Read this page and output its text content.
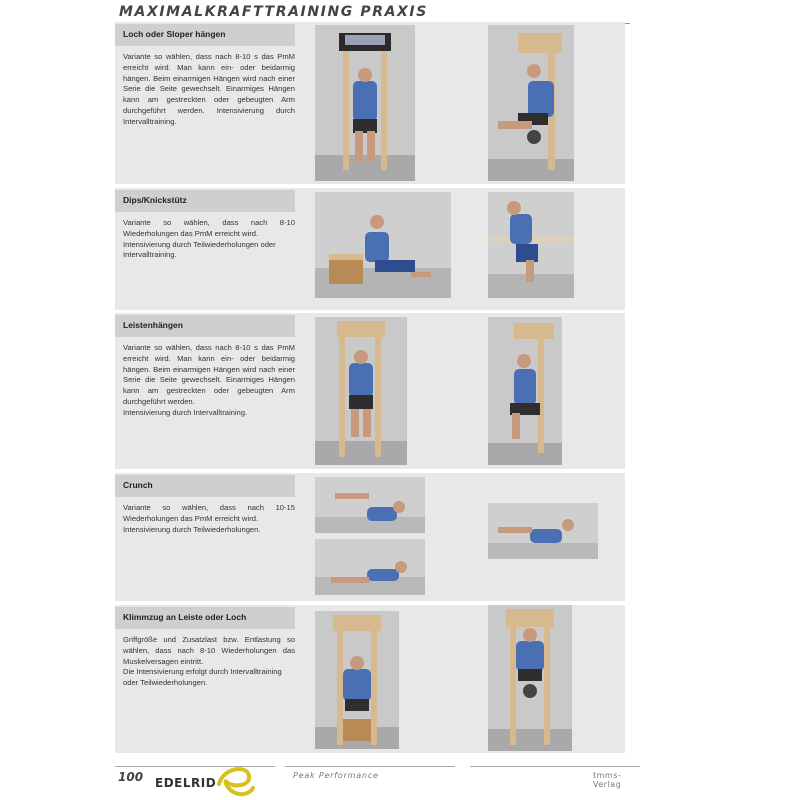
MAXIMALKRAFTTRAINING PRAXIS
Loch oder Sloper hängen

Variante so wählen, dass nach 8-10 s das PmM erreicht wird. Man kann ein- oder beidarmig hängen. Beim einarmigen Hängen wird nach einer Serie die Seite gewechselt. Einarmiges Hängen kann am gestreckten oder gebeugten Arm durchgeführt werden. Intensivierung durch Intervalltraining.

Dips/Knickstütz

Variante so wählen, dass nach 8-10 Wiederholungen das PmM erreicht wird.

Intensivierung durch Teilwiederholungen oder Intervalltraining.

Leistenhängen

Variante so wählen, dass nach 8-10 s das PmM erreicht wird. Man kann ein- oder beidarmig hängen. Beim einarmigen Hängen wird nach einer Serie die Seite gewechselt. Einarmiges Hängen kann am gestreckten oder gebeugten Arm durchgeführt werden.

Intensivierung durch Intervalltraining.

Crunch

Variante so wählen, dass nach 10-15 Wiederholungen das PmM erreicht wird.

Intensivierung durch Teilwiederholungen.

Klimmzug an Leiste oder Loch

Griffgröße und Zusatzlast bzw. Entlastung so wählen, dass nach 8-10 Wiederholungen das Muskelversagen eintritt.

Die Intensivierung erfolgt durch Intervalltraining oder Teilwiederholungen.

100 EDELRID
Peak Performance	tmms-Verlag
